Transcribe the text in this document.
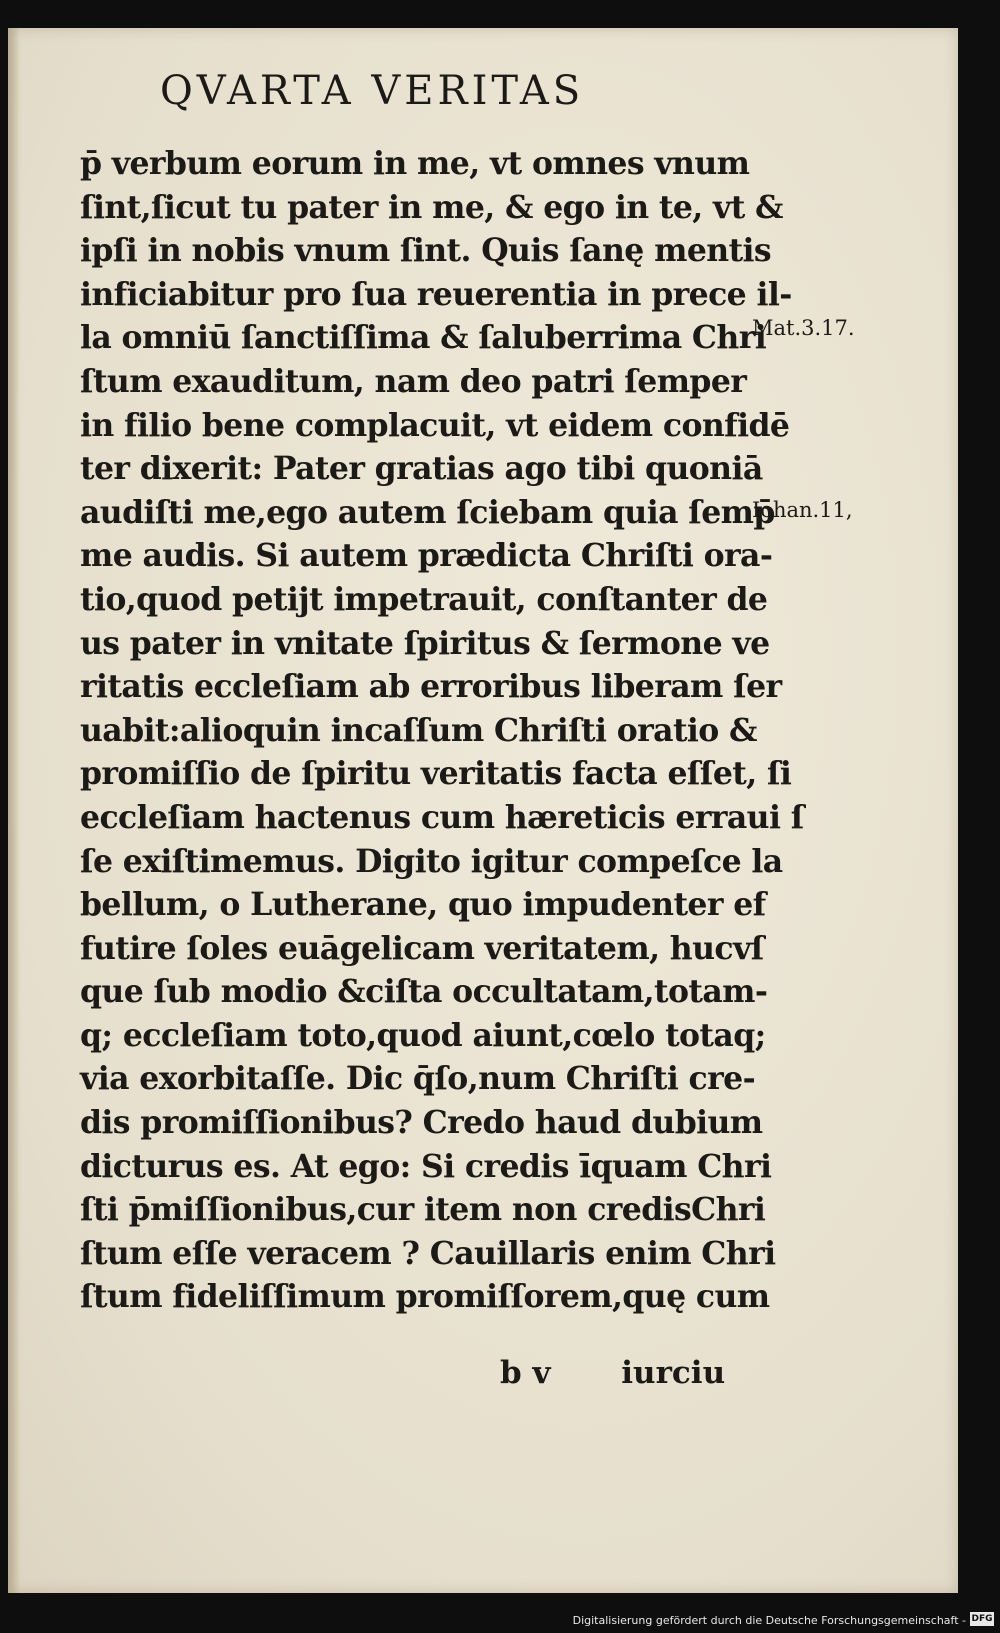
QVARTA VERITAS
p̄ verbum eorum in me, vt omnes vnum
ſint,ſicut tu pater in me, & ego in te, vt &
ipſi in nobis vnum ſint. Quis ſanę mentis
inficiabitur pro ſua reuerentia in prece il-
la omniū ſanctiſſima & ſaluberrima Chri
ſtum exauditum, nam deo patri ſemper
in filio bene complacuit, vt eidem confidē
ter dixerit: Pater gratias ago tibi quoniā
audiſti me,ego autem ſciebam quia ſemp̄
me audis. Si autem prædicta Chriſti ora-
tio,quod petijt impetrauit, conſtanter de
us pater in vnitate ſpiritus & ſermone ve
ritatis eccleſiam ab erroribus liberam ſer
uabit:alioquin incaſſum Chriſti oratio &
promiſſio de ſpiritu veritatis facta eſſet, ſi
eccleſiam hactenus cum hæreticis erraui ſ
ſe exiſtimemus. Digito igitur compeſce la
bellum, o Lutherane, quo impudenter ef
futire ſoles euāgelicam veritatem, hucvſ
que ſub modio &ciſta occultatam,totam-
q; eccleſiam toto,quod aiunt,cœlo totaq;
via exorbitaſſe. Dic q̄ſo,num Chriſti cre-
dis promiſſionibus? Credo haud dubium
dicturus es. At ego: Si credis īquam Chri
ſti p̄miſſionibus,cur item non credisChri
ſtum eſſe veracem ? Cauillaris enim Chri
ſtum fideliſſimum promiſſorem,quę cum
Mat.3.17.
Iohan.11,
b v iurciu
Digitalisierung gefördert durch die Deutsche Forschungsgemeinschaft - DFG
